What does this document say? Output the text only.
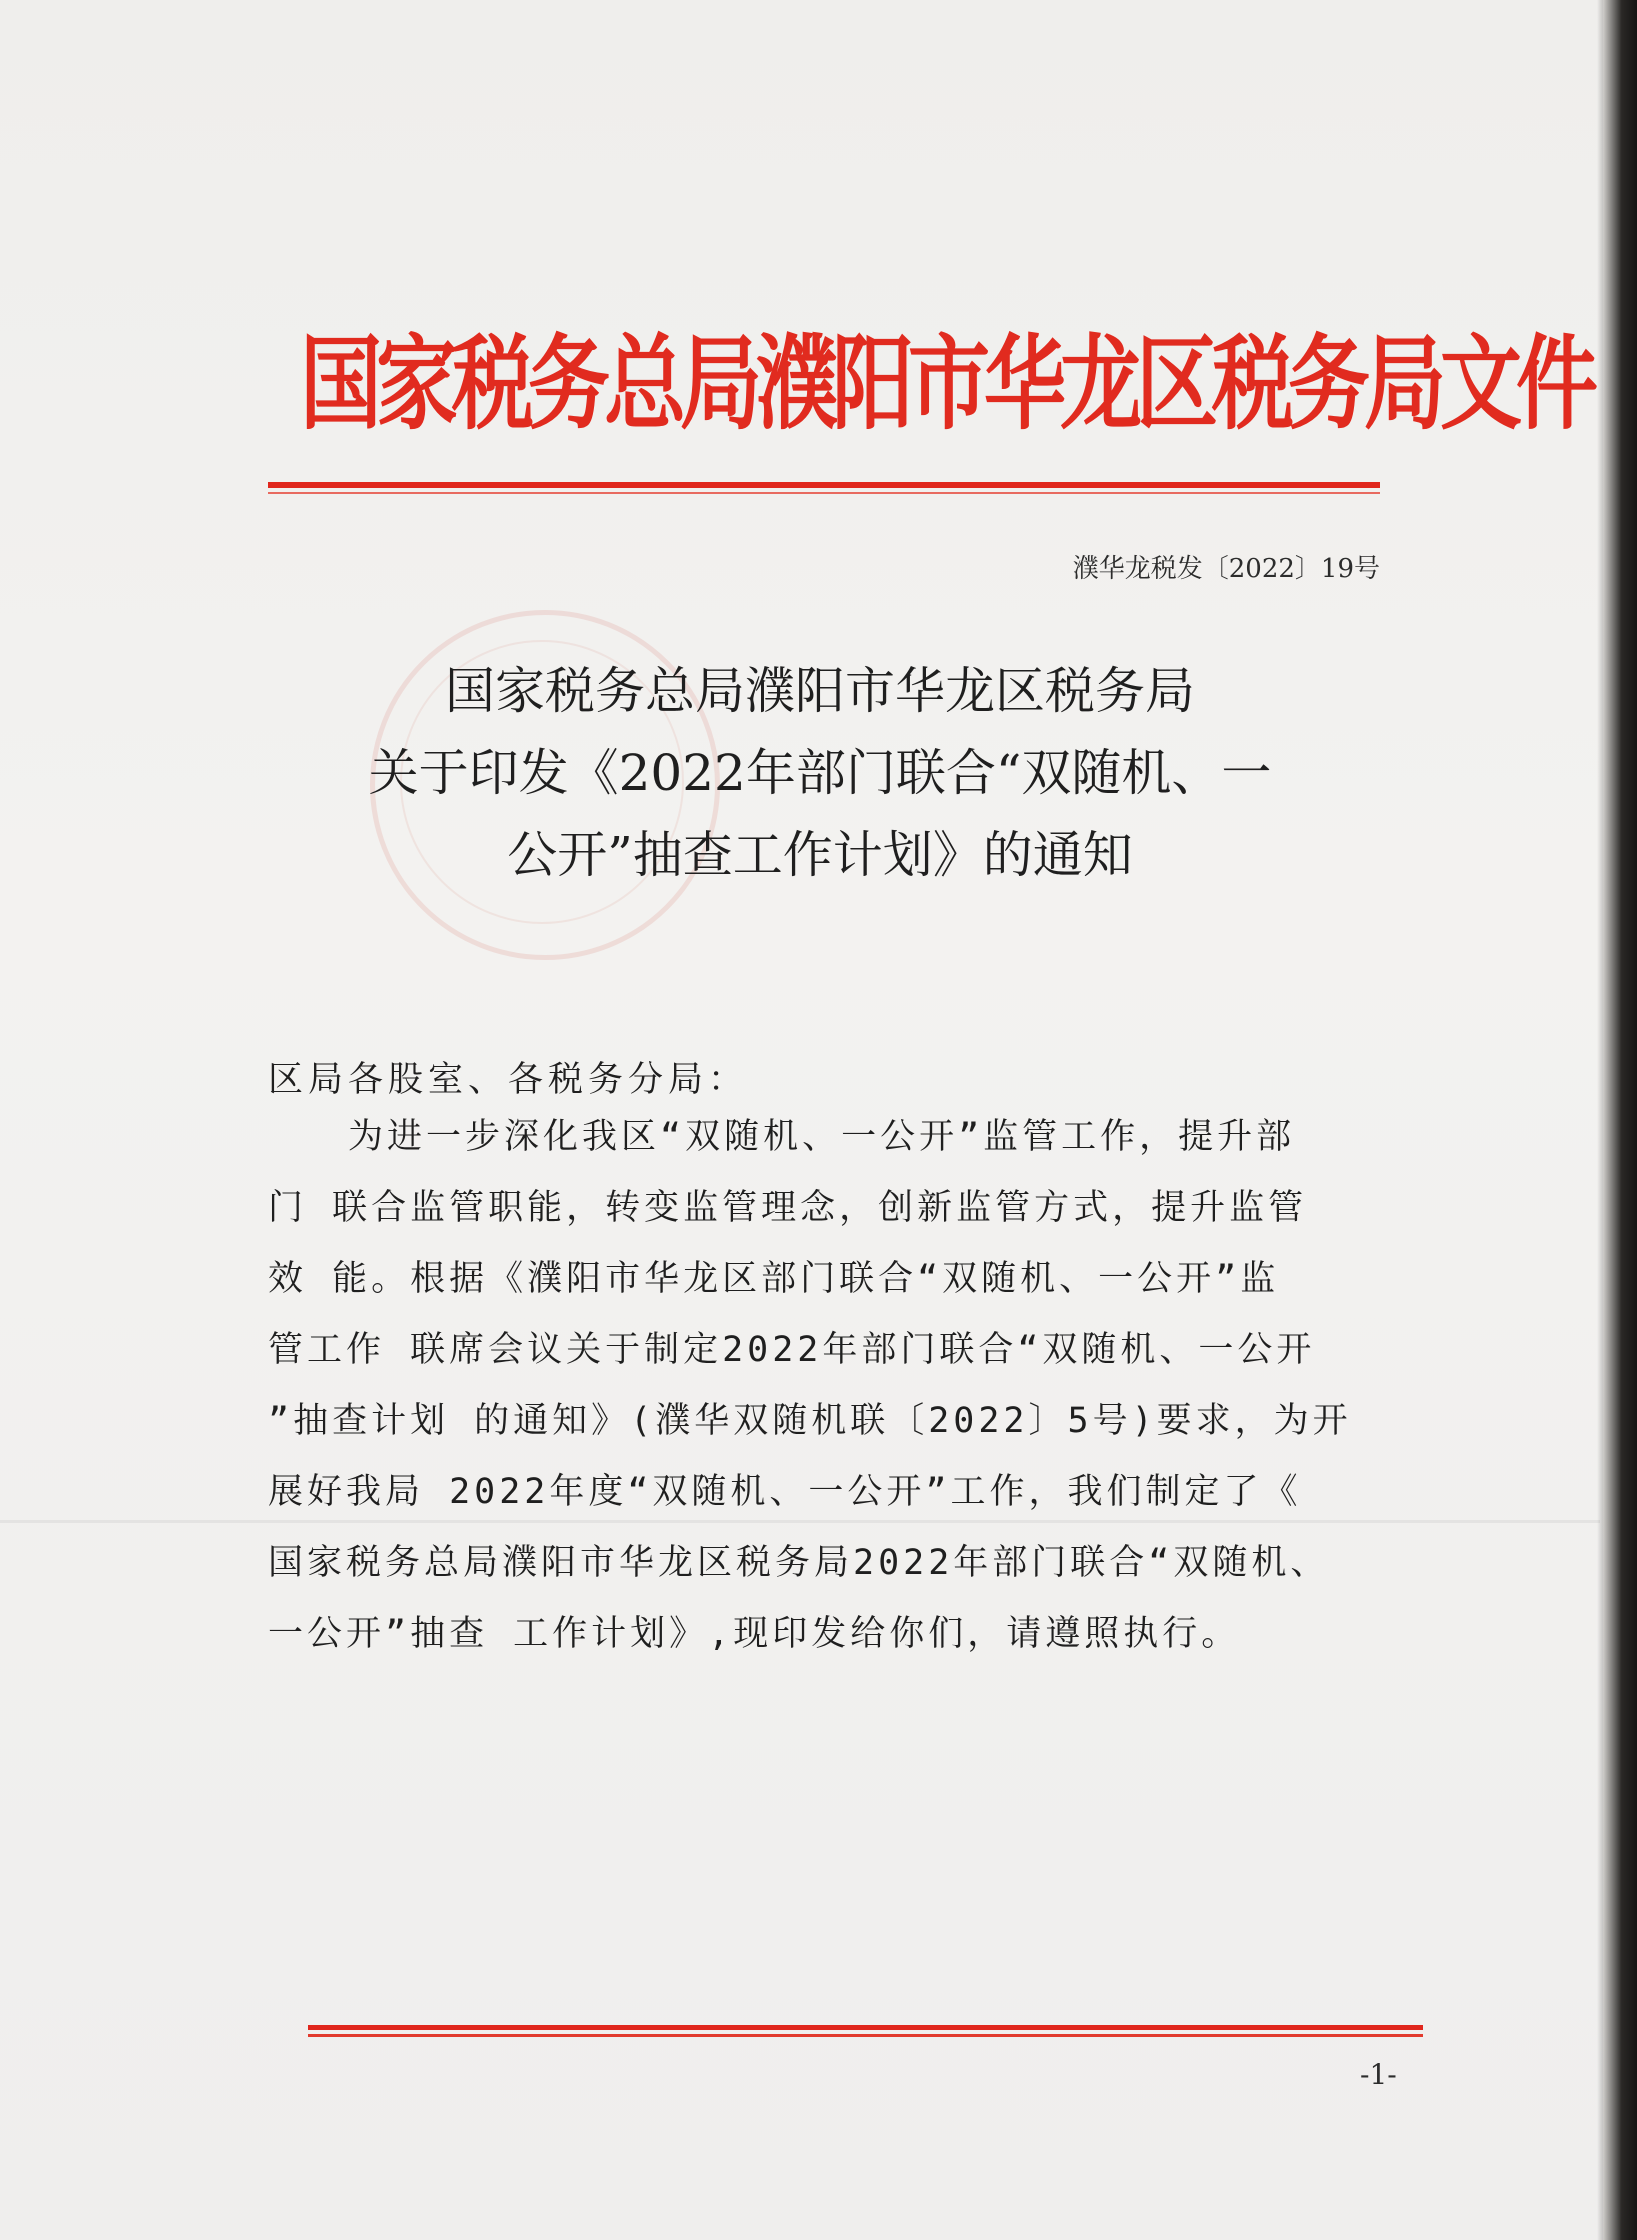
国家税务总局濮阳市华龙区税务局文件
濮华龙税发〔2022〕19号
国家税务总局濮阳市华龙区税务局
关于印发《2022年部门联合“双随机、一
公开”抽查工作计划》的通知
区局各股室、各税务分局：
为进一步深化我区“双随机、一公开”监管工作，提升部
门 联合监管职能，转变监管理念，创新监管方式，提升监管
效 能。根据《濮阳市华龙区部门联合“双随机、一公开”监
管工作 联席会议关于制定2022年部门联合“双随机、一公开
”抽查计划 的通知》(濮华双随机联〔2022〕5号)要求，为开
展好我局 2022年度“双随机、一公开”工作，我们制定了《
国家税务总局濮阳市华龙区税务局2022年部门联合“双随机、
一公开”抽查 工作计划》,现印发给你们，请遵照执行。
-1-
